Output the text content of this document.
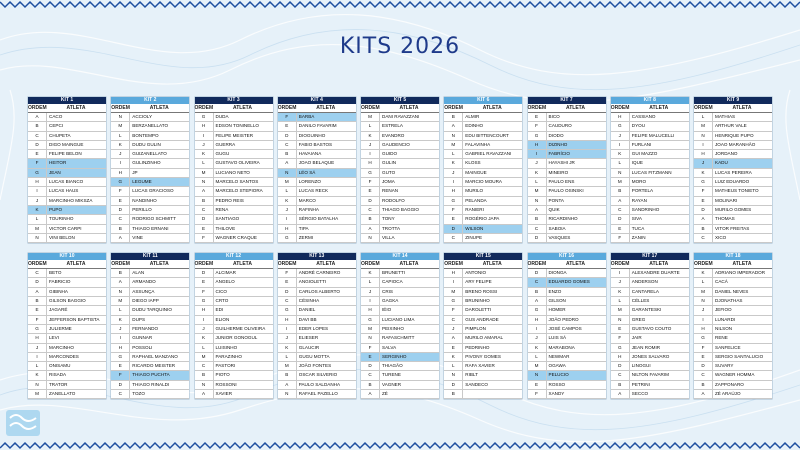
KITS 2026
KIT 1
ORDEM	ATLETA
A	CACO
B	CEPCI
C	CHUPETA
D	DIGO MAINGUE
E	FELIPE BELON
F	HEITOR
G	JEAN
H	LUCAS BIANCO
I	LUCAS HAUS
J	MARCINHO MIKSZA
K	PUPO
L	TOURINHO
M	VICTOR CARPI
N	VINI BELON
KIT 2
ORDEM	ATLETA
N	ACCIOLY
M	BERZANELLATO
L	BONTEMPO
K	DUDU GULIN
J	GUIZANELLATO
I	GULINZINHO
H	JP
G	LEGUME
F	LUCAS GRACIOSO
E	NANDINHO
D	PERILLO
C	RODRIGO SCHMITT
B	THIAGO ERNANI
A	VINE
KIT 3
ORDEM	ATLETA
G	DUDA
H	EDSON TONINELLO
I	FELIPE MEISTER
J	GUERRA
K	GUGU
L	GUSTAVO OLIVEIRA
M	LUCIANO NETO
N	MARCELO SANTOS
A	MARCELO STEPIORA
B	PEDRO REIS
C	RENA
D	SANTIAGO
E	THILOVE
F	WAGNER CRAQUE
KIT 4
ORDEM	ATLETA
F	BARBA
E	DANILO FAVARIM
D	DIOGUINHO
C	FABIO BASTOS
B	HAVAIANA
A	JOAO BELAQUE
N	LÉO SÁ
M	LORENZO
L	LUCAS RECK
K	MARCO
J	RAFINHA
I	SÉRGIO BATALHA
H	TIPA
G	ZERMI
KIT 5
ORDEM	ATLETA
M	DANI RAVAZZANI
L	ESTRELA
K	EVANDRO
J	GAUDENCIO
I	GUIDO
H	GULIN
G	GUTO
F	JOMA
E	RENAN
D	RODOLFO
C	THIAGO BAGGIO
B	TONY
A	TROTTA
N	VILLA
KIT 6
ORDEM	ATLETA
B	ALMIR
A	EDINHO
N	EDU BITTENCOURT
M	FALAVINHA
L	GABRIEL RAVAZZANI
K	KLOSS
J	MAINGUE
I	MARCIO MOURA
H	MURILO
G	PELANDA
F	RANIERI
E	ROGÉRIO JAPA
D	WILSON
C	ZINUPE
KIT 7
ORDEM	ATLETA
E	BICO
F	CAUDURO
G	DIODO
H	DIZINHO
I	FABRÍCIO
J	HAYASHI JR
K	MINEIRO
L	PAULO ENS
M	PAULO OSINSKI
N	PONTA
A	QUIK
B	RICARDINHO
C	SABOIA
D	VASQUES
KIT 8
ORDEM	ATLETA
H	CASSIANO
G	DYOU
J	FELIPE MALUCELLI
I	FURLANI
K	GUI MAZZO
L	IQUE
N	LUCAS FITZMANN
M	MORO
B	PORTELA
A	RAYAN
C	SANDRINHO
D	SIVA
E	TUCA
F	ZANIN
KIT 9
ORDEM	ATLETA
L	MATHIAS
M	ARTHUR VALE
N	HENRIQUE PUPO
I	JOAO MARANHÃO
H	JORDANO
J	KADU
K	LUCAS PEREIRA
G	LUIZ EDUARDO
F	MATHEUS TONIETO
E	MOLINARI
D	MURILO GOMES
A	THOMAS
B	VITOR FREITAS
C	XICO
KIT 10
ORDEM	ATLETA
C	BETO
D	FABRICIO
A	GIBINHA
B	GILSON BAGGIO
E	JAGARÉ
F	JEFFERSON BAPTISTA
G	JULIERME
H	LEVI
J	MARCINHO
I	MARCONDES
L	ONISAMU
K	RISADA
N	TRATOR
M	ZANELLATO
KIT 11
ORDEM	ATLETA
B	ALAN
A	ARMANDO
N	ASSUNÇA
M	DIEGO IAPP
L	DUDU TARQUINIO
K	DUPS
J	FERNANDO
I	GUNNAR
H	POSSOLI
G	RAPHAEL MANZANO
E	RICARDO MEISTER
F	THIAGO PUCHTA
D	THIAGO RINALDI
C	TOZO
KIT 12
ORDEM	ATLETA
D	ALCIMAR
E	ANGELO
F	CICO
G	CRTO
H	EDI
I	ELION
J	GUILHERME OLIVEIRA
K	JUNIOR GONOGUL
L	LUISINHO
M	PARAZINHO
C	PASTORI
B	PIOTO
N	ROSSONI
A	XAVIER
KIT 13
ORDEM	ATLETA
F	ANDRÉ CARNEIRO
E	ANGIOLETTI
D	CARLOS ALBERTO
C	CÉSINHA
G	DANIEL
H	DAVI BB
I	EDER LOPES
J	ELIESER
K	GLAUCIR
L	GUGU MOTTA
M	JOÃO FONTES
B	OSCAR SILVERIO
A	PAULO SALDANHA
N	RAFAEL PAZELLO
KIT 14
ORDEM	ATLETA
K	BRUNETTI
L	CAPIOCA
J	CRIS
I	GAGKA
H	IÉIO
G	LUCIANO LIMA
M	PEIXINHO
N	RAFASCHMITT
F	SALVA
E	SERGINHO
D	THIAGÃO
C	TURENE
B	VAGNER
A	ZÉ
KIT 15
ORDEM	ATLETA
H	ANTONIO
I	ARY FELIPE
M	BRENO ROSSI
G	BRUNINHO
F	DAROLETTI
C	GUS ANDRADE
J	PIMPLON
A	MURILO AMARAL
E	PEDRINHO
K	PIVONY GOMES
L	RAFA XAVIER
N	RIBLT
D	SANDECO
B
KIT 16
ORDEM	ATLETA
D	DIONGA
C	EDUARDO GOMES
B	ENZO
A	GILSON
G	HOMER
H	JOÃO PEDRO
I	JOSÉ CAMPOS
J	LUIS SÁ
K	MARABONA
L	NEWMAR
M	OGAWA
N	PELUCIO
E	ROSSO
F	XANDY
KIT 17
ORDEM	ATLETA
I	ALEXANDRE DUARTE
J	ANDERSON
K	CANTARELA
L	CÉLLES
M	GARANTESKI
N	GREG
E	GUSTAVO COUTO
F	JAIR
G	JEAN ROMIR
H	JONES SALVARO
D	LINOGUI
C	NILTON FAVARIM
B	PETRINI
A	SECCO
KIT 18
ORDEM	ATLETA
K	ADRIANO IMPERADOR
L	CACÁ
M	DANIEL NEVES
N	DJONATHAS
J	JEFIOO
I	LUNARDI
H	NILSON
G	RENE
F	SANFELICE
E	SERGIO SANTALUCIO
D	SUVARY
C	WAGNER HOMMA
B	ZAPPONARO
A	ZÉ ARAÚJO
